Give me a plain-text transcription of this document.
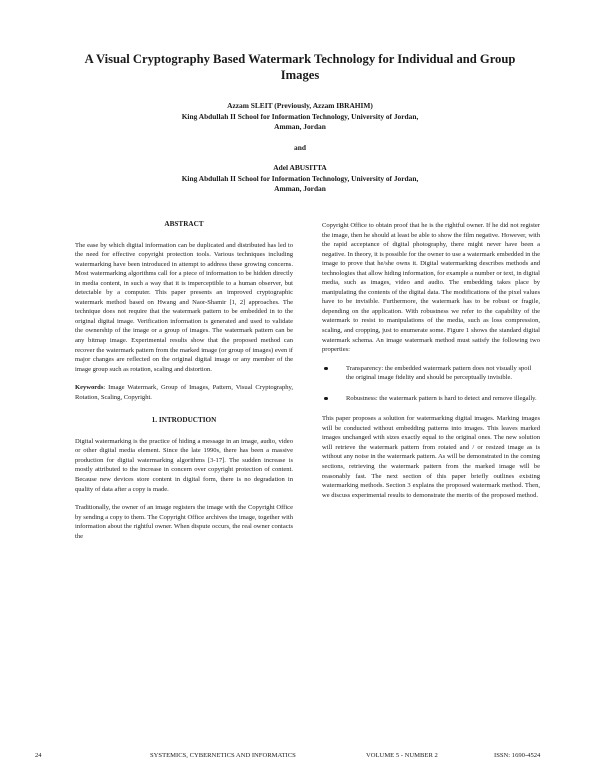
A Visual Cryptography Based Watermark Technology for Individual and Group Images
Azzam SLEIT (Previously, Azzam IBRAHIM)
King Abdullah II School for Information Technology, University of Jordan,
Amman, Jordan
and
Adel ABUSITTA
King Abdullah II School for Information Technology, University of Jordan,
Amman, Jordan
ABSTRACT

The ease by which digital information can be duplicated and distributed has led to the need for effective copyright protection tools. Various techniques including watermarking have been introduced in attempt to address these growing concerns. Most watermarking algorithms call for a piece of information to be hidden directly in media content, in such a way that it is imperceptible to a human observer, but detectable by a computer. This paper presents an improved cryptographic watermark method based on Hwang and Naor-Shamir [1, 2] approaches. The technique does not require that the watermark pattern to be embedded in to the original digital image. Verification information is generated and used to validate the ownership of the image or a group of images. The watermark pattern can be any bitmap image. Experimental results show that the proposed method can recover the watermark pattern from the marked image (or group of images) even if major changes are reflected on the original digital image or any member of the image group such as rotation, scaling and distortion.

Keywords: Image Watermark, Group of Images, Pattern, Visual Cryptography, Rotation, Scaling, Copyright.

1. INTRODUCTION

Digital watermarking is the practice of hiding a message in an image, audio, video or other digital media element. Since the late 1990s, there has been a massive production for digital watermarking algorithms [3-17]. The sudden increase is mostly attributed to the increase in concern over copyright protection of content. Because new devices store content in digital form, there is no degradation in quality of data after a copy is made.

Traditionally, the owner of an image registers the image with the Copyright Office by sending a copy to them. The Copyright Office archives the image, together with information about the rightful owner. When dispute occurs, the real owner contacts the

Copyright Office to obtain proof that he is the rightful owner. If he did not register the image, then he should at least be able to show the film negative. However, with the rapid acceptance of digital photography, there might never have been a negative. In theory, it is possible for the owner to use a watermark embedded in the image to prove that he/she owns it. Digital watermarking describes methods and technologies that allow hiding information, for example a number or text, in digital media, such as images, video and audio. The embedding takes place by manipulating the contents of the digital data. The modifications of the pixel values have to be invisible. Furthermore, the watermark has to be robust or fragile, depending on the application. With robustness we refer to the capability of the watermark to resist to manipulations of the media, such as loss compression, scaling, and cropping, just to enumerate some. Figure 1 shows the standard digital watermark schema. An image watermark method must satisfy the following two properties:

Transparency: the embedded watermark pattern does not visually spoil the original image fidelity and should be perceptually invisible.
Robustness: the watermark pattern is hard to detect and remove illegally.

This paper proposes a solution for watermarking digital images. Marking images will be conducted without embedding patterns into images. This leaves marked images unchanged with sizes exactly equal to the original ones. The new solution will retrieve the watermark pattern from rotated and / or resized image as is without any noise in the watermark pattern. As will be demonstrated in the coming sections, retrieving the watermark pattern from the marked image will be reasonably fast. The next section of this paper briefly outlines existing watermarking methods. Section 3 explains the proposed watermark method. Then, we discuss experimental results to demonstrate the merits of the proposed method.

24	SYSTEMICS, CYBERNETICS AND INFORMATICS	VOLUME 5 - NUMBER 2	ISSN: 1690-4524
